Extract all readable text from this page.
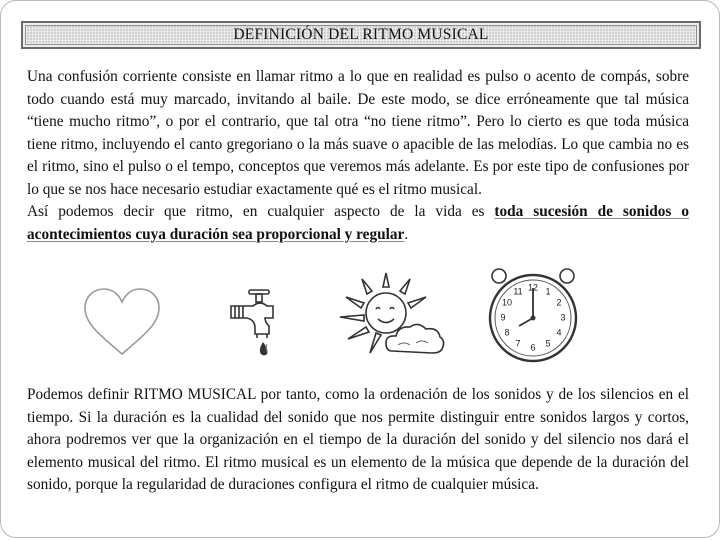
DEFINICIÓN DEL RITMO MUSICAL

Una confusión corriente consiste en llamar ritmo a lo que en realidad es pulso o acento de compás, sobre todo cuando está muy marcado, invitando al baile. De este modo, se dice erróneamente que tal música “tiene mucho ritmo”, o por el contrario, que tal otra “no tiene ritmo”. Pero lo cierto es que toda música tiene ritmo, incluyendo el canto gregoriano o la más suave o apacible de las melodías. Lo que cambia no es el ritmo, sino el pulso o el tempo, conceptos que veremos más adelante. Es por este tipo de confusiones por lo que se nos hace necesario estudiar exactamente qué es el ritmo musical.
Así podemos decir que ritmo, en cualquier aspecto de la vida es toda sucesión de sonidos o acontecimientos cuya duración sea proporcional y regular.

12 1
2
3
4
5
6
7
8
9
10
11

Podemos definir RITMO MUSICAL por tanto, como la ordenación de los sonidos y de los silencios en el tiempo. Si la duración es la cualidad del sonido que nos permite distinguir entre sonidos largos y cortos, ahora podremos ver que la organización en el tiempo de la duración del sonido y del silencio nos dará el elemento musical del ritmo. El ritmo musical es un elemento de la música que depende de la duración del sonido, porque la regularidad de duraciones configura el ritmo de cualquier música.
